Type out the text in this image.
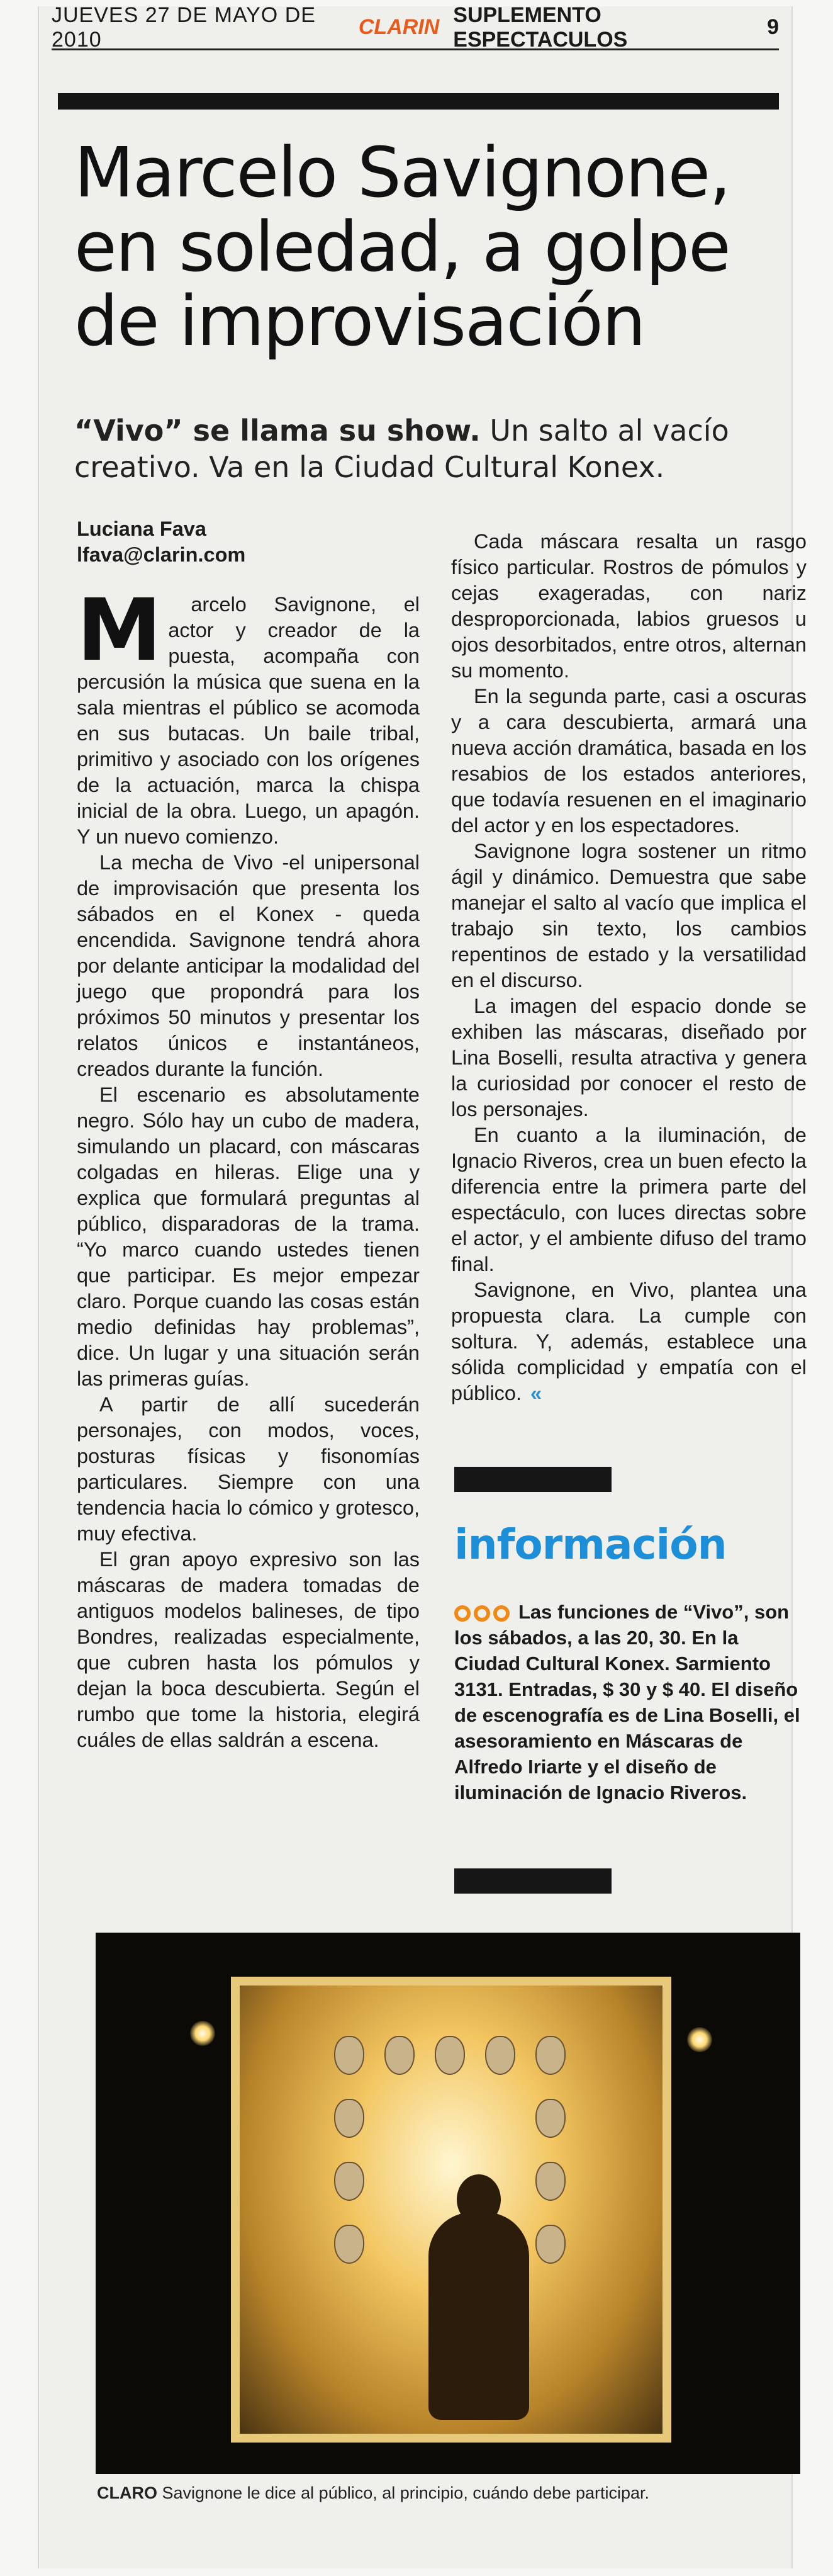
JUEVES 27 DE MAYO DE 2010
CLARIN
SUPLEMENTO ESPECTACULOS
9
Marcelo Savignone, en soledad, a golpe de improvisación
“Vivo” se llama su show. Un salto al vacío creativo. Va en la Ciudad Cultural Konex.

Luciana Fava

lfava@clarin.com

M arcelo Savignone, el actor y creador de la puesta, acompaña con percusión la música que suena en la sala mientras el público se acomoda en sus butacas. Un baile tribal, primitivo y asociado con los orígenes de la actuación, marca la chispa inicial de la obra. Luego, un apagón. Y un nuevo comienzo.

La mecha de Vivo -el unipersonal de improvisación que presenta los sábados en el Konex - queda encendida. Savignone tendrá ahora por delante anticipar la modalidad del juego que propondrá para los próximos 50 minutos y presentar los relatos únicos e instantáneos, creados durante la función.

El escenario es absolutamente negro. Sólo hay un cubo de madera, simulando un placard, con máscaras colgadas en hileras. Elige una y explica que formulará preguntas al público, disparadoras de la trama. “Yo marco cuando ustedes tienen que participar. Es mejor empezar claro. Porque cuando las cosas están medio definidas hay problemas”, dice. Un lugar y una situación serán las primeras guías.

A partir de allí sucederán personajes, con modos, voces, posturas físicas y fisonomías particulares. Siempre con una tendencia hacia lo cómico y grotesco, muy efectiva.

El gran apoyo expresivo son las máscaras de madera tomadas de antiguos modelos balineses, de tipo Bondres, realizadas especialmente, que cubren hasta los pómulos y dejan la boca descubierta. Según el rumbo que tome la historia, elegirá cuáles de ellas saldrán a escena.

Cada máscara resalta un rasgo físico particular. Rostros de pómulos y cejas exageradas, con nariz desproporcionada, labios gruesos u ojos desorbitados, entre otros, alternan su momento.

En la segunda parte, casi a oscuras y a cara descubierta, armará una nueva acción dramática, basada en los resabios de los estados anteriores, que todavía resuenen en el imaginario del actor y en los espectadores.

Savignone logra sostener un ritmo ágil y dinámico. Demuestra que sabe manejar el salto al vacío que implica el trabajo sin texto, los cambios repentinos de estado y la versatilidad en el discurso.

La imagen del espacio donde se exhiben las máscaras, diseñado por Lina Boselli, resulta atractiva y genera la curiosidad por conocer el resto de los personajes.

En cuanto a la iluminación, de Ignacio Riveros, crea un buen efecto la diferencia entre la primera parte del espectáculo, con luces directas sobre el actor, y el ambiente difuso del tramo final.

Savignone, en Vivo, plantea una propuesta clara. La cumple con soltura. Y, además, establece una sólida complicidad y empatía con el público. «

información
Las funciones de “Vivo”, son los sábados, a las 20, 30. En la Ciudad Cultural Konex. Sarmiento 3131. Entradas, $ 30 y $ 40. El diseño de escenografía es de Lina Boselli, el asesoramiento en Máscaras de Alfredo Iriarte y el diseño de iluminación de Ignacio Riveros.
CLARO Savignone le dice al público, al principio, cuándo debe participar.
